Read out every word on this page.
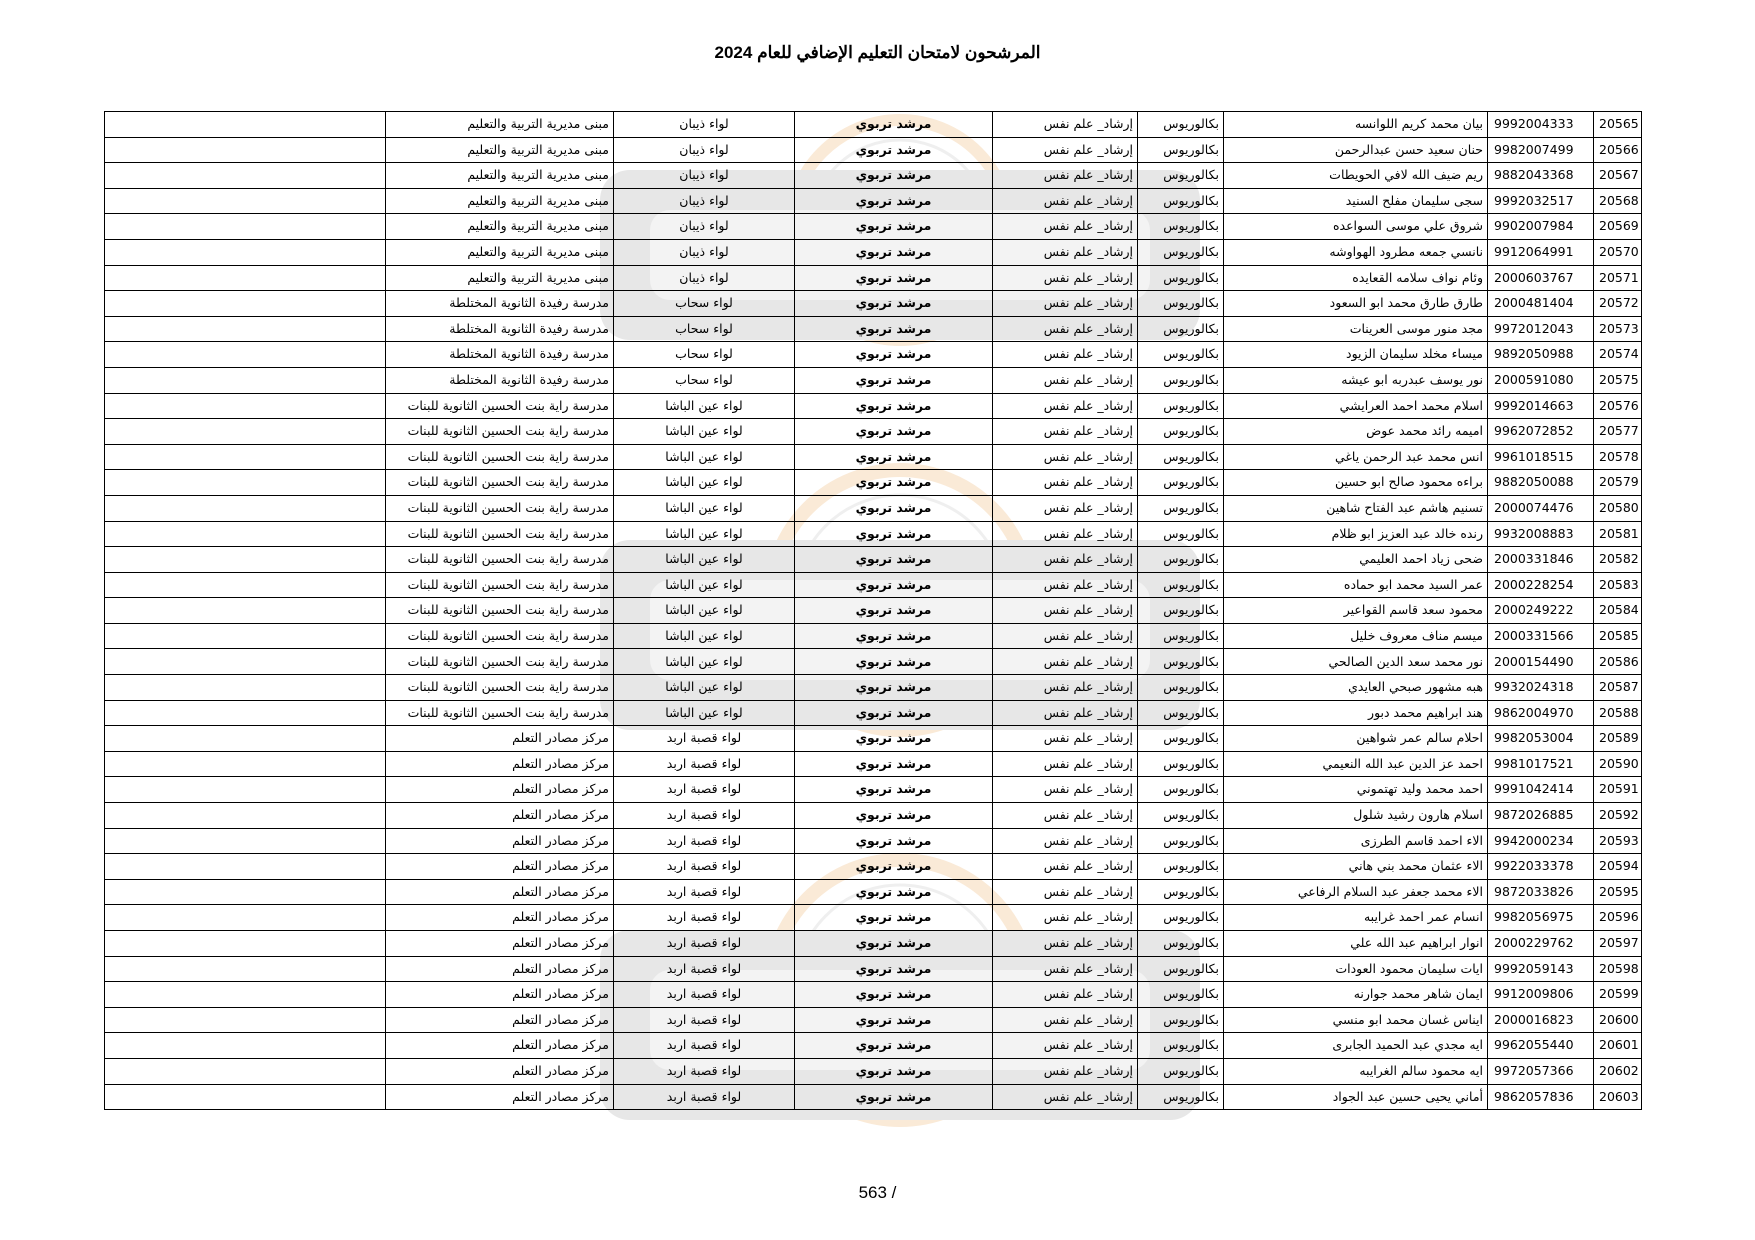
المرشحون لامتحان التعليم الإضافي للعام 2024
20565	9992004333	بيان محمد كريم اللوانسه	بكالوريوس	إرشاد_ علم نفس	مرشد تربوي	لواء ذيبان	مبنى مديرية التربية والتعليم	
20566	9982007499	حنان سعيد حسن عبدالرحمن	بكالوريوس	إرشاد_ علم نفس	مرشد تربوي	لواء ذيبان	مبنى مديرية التربية والتعليم	
20567	9882043368	ريم ضيف الله لافي الحويطات	بكالوريوس	إرشاد_ علم نفس	مرشد تربوي	لواء ذيبان	مبنى مديرية التربية والتعليم	
20568	9992032517	سجى سليمان مفلح السنيد	بكالوريوس	إرشاد_ علم نفس	مرشد تربوي	لواء ذيبان	مبنى مديرية التربية والتعليم	
20569	9902007984	شروق علي موسى السواعده	بكالوريوس	إرشاد_ علم نفس	مرشد تربوي	لواء ذيبان	مبنى مديرية التربية والتعليم	
20570	9912064991	نانسي جمعه مطرود الهواوشه	بكالوريوس	إرشاد_ علم نفس	مرشد تربوي	لواء ذيبان	مبنى مديرية التربية والتعليم	
20571	2000603767	وئام نواف سلامه القعايده	بكالوريوس	إرشاد_ علم نفس	مرشد تربوي	لواء ذيبان	مبنى مديرية التربية والتعليم	
20572	2000481404	طارق طارق محمد ابو السعود	بكالوريوس	إرشاد_ علم نفس	مرشد تربوي	لواء سحاب	مدرسة رفيدة الثانوية المختلطة	
20573	9972012043	مجد منور موسى العرينات	بكالوريوس	إرشاد_ علم نفس	مرشد تربوي	لواء سحاب	مدرسة رفيدة الثانوية المختلطة	
20574	9892050988	ميساء مخلد سليمان الزيود	بكالوريوس	إرشاد_ علم نفس	مرشد تربوي	لواء سحاب	مدرسة رفيدة الثانوية المختلطة	
20575	2000591080	نور يوسف عبدربه ابو عيشه	بكالوريوس	إرشاد_ علم نفس	مرشد تربوي	لواء سحاب	مدرسة رفيدة الثانوية المختلطة	
20576	9992014663	اسلام محمد احمد العرايشي	بكالوريوس	إرشاد_ علم نفس	مرشد تربوي	لواء عين الباشا	مدرسة راية بنت الحسين الثانوية للبنات	
20577	9962072852	اميمه رائد محمد عوض	بكالوريوس	إرشاد_ علم نفس	مرشد تربوي	لواء عين الباشا	مدرسة راية بنت الحسين الثانوية للبنات	
20578	9961018515	انس محمد عبد الرحمن ياغي	بكالوريوس	إرشاد_ علم نفس	مرشد تربوي	لواء عين الباشا	مدرسة راية بنت الحسين الثانوية للبنات	
20579	9882050088	براءه محمود صالح ابو حسين	بكالوريوس	إرشاد_ علم نفس	مرشد تربوي	لواء عين الباشا	مدرسة راية بنت الحسين الثانوية للبنات	
20580	2000074476	تسنيم هاشم عبد الفتاح شاهين	بكالوريوس	إرشاد_ علم نفس	مرشد تربوي	لواء عين الباشا	مدرسة راية بنت الحسين الثانوية للبنات	
20581	9932008883	رنده خالد عبد العزيز ابو ظلام	بكالوريوس	إرشاد_ علم نفس	مرشد تربوي	لواء عين الباشا	مدرسة راية بنت الحسين الثانوية للبنات	
20582	2000331846	ضحى زياد احمد العليمي	بكالوريوس	إرشاد_ علم نفس	مرشد تربوي	لواء عين الباشا	مدرسة راية بنت الحسين الثانوية للبنات	
20583	2000228254	عمر السيد محمد ابو حماده	بكالوريوس	إرشاد_ علم نفس	مرشد تربوي	لواء عين الباشا	مدرسة راية بنت الحسين الثانوية للبنات	
20584	2000249222	محمود سعد قاسم القواعير	بكالوريوس	إرشاد_ علم نفس	مرشد تربوي	لواء عين الباشا	مدرسة راية بنت الحسين الثانوية للبنات	
20585	2000331566	ميسم مناف معروف خليل	بكالوريوس	إرشاد_ علم نفس	مرشد تربوي	لواء عين الباشا	مدرسة راية بنت الحسين الثانوية للبنات	
20586	2000154490	نور محمد سعد الدين الصالحي	بكالوريوس	إرشاد_ علم نفس	مرشد تربوي	لواء عين الباشا	مدرسة راية بنت الحسين الثانوية للبنات	
20587	9932024318	هبه مشهور صبحي العايدي	بكالوريوس	إرشاد_ علم نفس	مرشد تربوي	لواء عين الباشا	مدرسة راية بنت الحسين الثانوية للبنات	
20588	9862004970	هند ابراهيم محمد دبور	بكالوريوس	إرشاد_ علم نفس	مرشد تربوي	لواء عين الباشا	مدرسة راية بنت الحسين الثانوية للبنات	
20589	9982053004	احلام سالم عمر شواهين	بكالوريوس	إرشاد_ علم نفس	مرشد تربوي	لواء قصبة اربد	مركز مصادر التعلم	
20590	9981017521	احمد عز الدين عبد الله النعيمي	بكالوريوس	إرشاد_ علم نفس	مرشد تربوي	لواء قصبة اربد	مركز مصادر التعلم	
20591	9991042414	احمد محمد وليد تهتموني	بكالوريوس	إرشاد_ علم نفس	مرشد تربوي	لواء قصبة اربد	مركز مصادر التعلم	
20592	9872026885	اسلام هارون رشيد شلول	بكالوريوس	إرشاد_ علم نفس	مرشد تربوي	لواء قصبة اربد	مركز مصادر التعلم	
20593	9942000234	الاء احمد قاسم الطرزى	بكالوريوس	إرشاد_ علم نفس	مرشد تربوي	لواء قصبة اربد	مركز مصادر التعلم	
20594	9922033378	الاء عثمان محمد بني هاني	بكالوريوس	إرشاد_ علم نفس	مرشد تربوي	لواء قصبة اربد	مركز مصادر التعلم	
20595	9872033826	الاء محمد جعفر عبد السلام الرفاعي	بكالوريوس	إرشاد_ علم نفس	مرشد تربوي	لواء قصبة اربد	مركز مصادر التعلم	
20596	9982056975	انسام عمر احمد غرايبه	بكالوريوس	إرشاد_ علم نفس	مرشد تربوي	لواء قصبة اربد	مركز مصادر التعلم	
20597	2000229762	انوار ابراهيم عبد الله علي	بكالوريوس	إرشاد_ علم نفس	مرشد تربوي	لواء قصبة اربد	مركز مصادر التعلم	
20598	9992059143	ايات سليمان محمود العودات	بكالوريوس	إرشاد_ علم نفس	مرشد تربوي	لواء قصبة اربد	مركز مصادر التعلم	
20599	9912009806	ايمان شاهر محمد جوارنه	بكالوريوس	إرشاد_ علم نفس	مرشد تربوي	لواء قصبة اربد	مركز مصادر التعلم	
20600	2000016823	ايناس غسان محمد ابو منسي	بكالوريوس	إرشاد_ علم نفس	مرشد تربوي	لواء قصبة اربد	مركز مصادر التعلم	
20601	9962055440	ايه مجدي عبد الحميد الجابرى	بكالوريوس	إرشاد_ علم نفس	مرشد تربوي	لواء قصبة اربد	مركز مصادر التعلم	
20602	9972057366	ايه محمود سالم الغرايبه	بكالوريوس	إرشاد_ علم نفس	مرشد تربوي	لواء قصبة اربد	مركز مصادر التعلم	
20603	9862057836	أماني يحيى حسين عبد الجواد	بكالوريوس	إرشاد_ علم نفس	مرشد تربوي	لواء قصبة اربد	مركز مصادر التعلم	
563 /
